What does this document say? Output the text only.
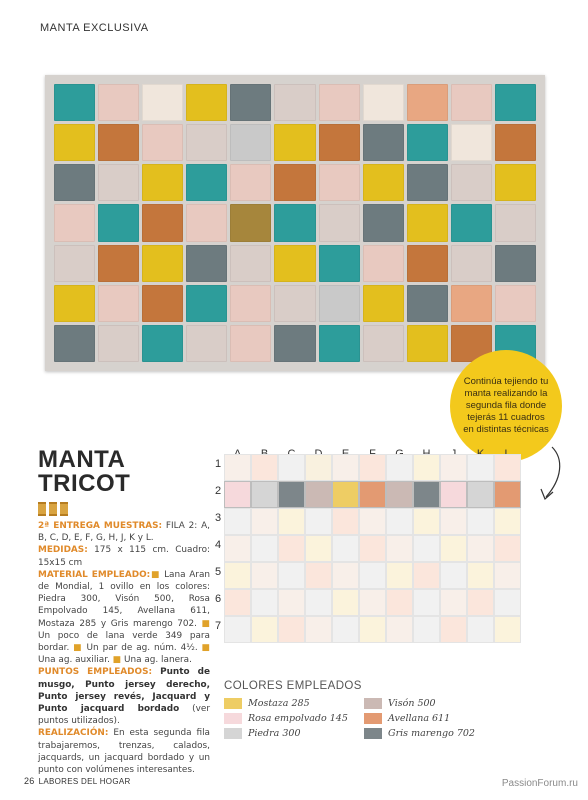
MANTA EXCLUSIVA
Continúa tejiendo tu manta realizando la segunda fila donde tejerás 11 cuadros en distintas técnicas
MANTA TRICOT
2ª ENTREGA MUESTRAS: FILA 2: A, B, C, D, E, F, G, H, J, K y L.
MEDIDAS: 175 x 115 cm. Cuadro: 15x15 cm
MATERIAL EMPLEADO:■ Lana Aran de Mondial, 1 ovillo en los colores: Piedra 300, Visón 500, Rosa Empolvado 145, Avellana 611, Mostaza 285 y Gris marengo 702. ■ Un poco de lana verde 349 para bordar. ■ Un par de ag. núm. 4½. ■ Una ag. auxiliar. ■ Una ag. lanera.
PUNTOS EMPLEADOS: Punto de musgo, Punto jersey derecho, Punto jersey revés, Jacquard y Punto jacquard bordado (ver puntos utilizados).
REALIZACIÓN: En esta segunda fila trabajaremos, trenzas, calados, jacquards, un jacquard bordado y un punto con volúmenes interesantes.
1
2
3
4
5
6
7
COLORES EMPLEADOS
Mostaza 285	Visón 500
Rosa empolvado 145	Avellana 611
Piedra 300	Gris marengo 702
26 LABORES DEL HOGAR	PassionForum.ru
